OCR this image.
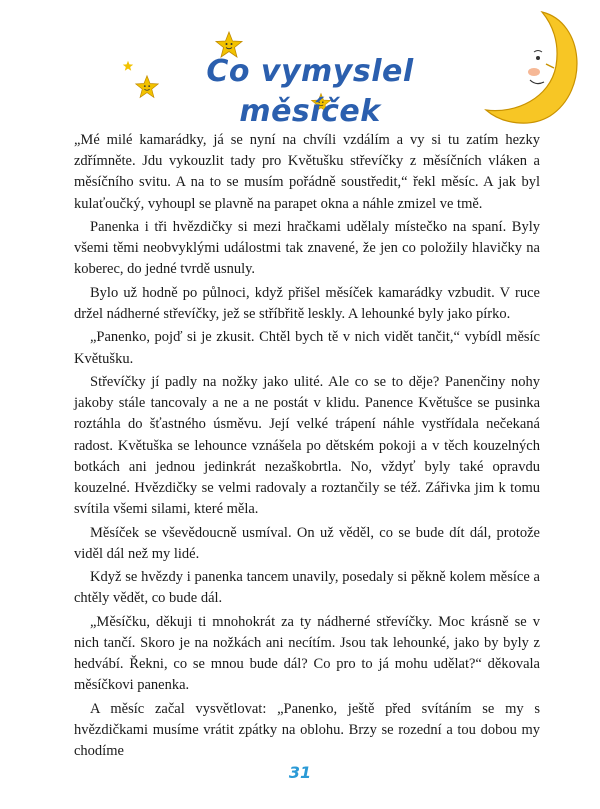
Co vymyslel měsíček

„Mé milé kamarádky, já se nyní na chvíli vzdálím a vy si tu zatím hezky zdřímněte. Jdu vykouzlit tady pro Květušku střevíčky z měsíčních vláken a měsíčního svitu. A na to se musím pořádně soustředit,“ řekl měsíc. A jak byl kulaťoučký, vyhoupl se plavně na parapet okna a náhle zmizel ve tmě.

Panenka i tři hvězdičky si mezi hračkami udělaly místečko na spaní. Byly všemi těmi neobvyklými událostmi tak znavené, že jen co položily hlavičky na koberec, do jedné tvrdě usnuly.

Bylo už hodně po půlnoci, když přišel měsíček kamarádky vzbudit. V ruce držel nádherné střevíčky, jež se stříbřitě leskly. A lehounké byly jako pírko.

„Panenko, pojď si je zkusit. Chtěl bych tě v nich vidět tančit,“ vybídl měsíc Květušku.

Střevíčky jí padly na nožky jako ulité. Ale co se to děje? Panenčiny nohy jakoby stále tancovaly a ne a ne postát v klidu. Panence Květušce se pusinka roztáhla do šťastného úsměvu. Její velké trápení náhle vystřídala nečekaná radost. Květuška se lehounce vznášela po dětském pokoji a v těch kouzelných botkách ani jednou jedinkrát nezaškobrtla. No, vždyť byly také opravdu kouzelné. Hvězdičky se velmi radovaly a roztančily se též. Zářivka jim k tomu svítila všemi silami, které měla.

Měsíček se vševědoucně usmíval. On už věděl, co se bude dít dál, protože viděl dál než my lidé.

Když se hvězdy i panenka tancem unavily, posedaly si pěkně kolem měsíce a chtěly vědět, co bude dál.

„Měsíčku, děkuji ti mnohokrát za ty nádherné střevíčky. Moc krásně se v nich tančí. Skoro je na nožkách ani necítím. Jsou tak lehounké, jako by byly z hedvábí. Řekni, co se mnou bude dál? Co pro to já mohu udělat?“ děkovala měsíčkovi panenka.

A měsíc začal vysvětlovat: „Panenko, ještě před svítáním se my s hvězdičkami musíme vrátit zpátky na oblohu. Brzy se rozední a tou dobou my chodíme

31
